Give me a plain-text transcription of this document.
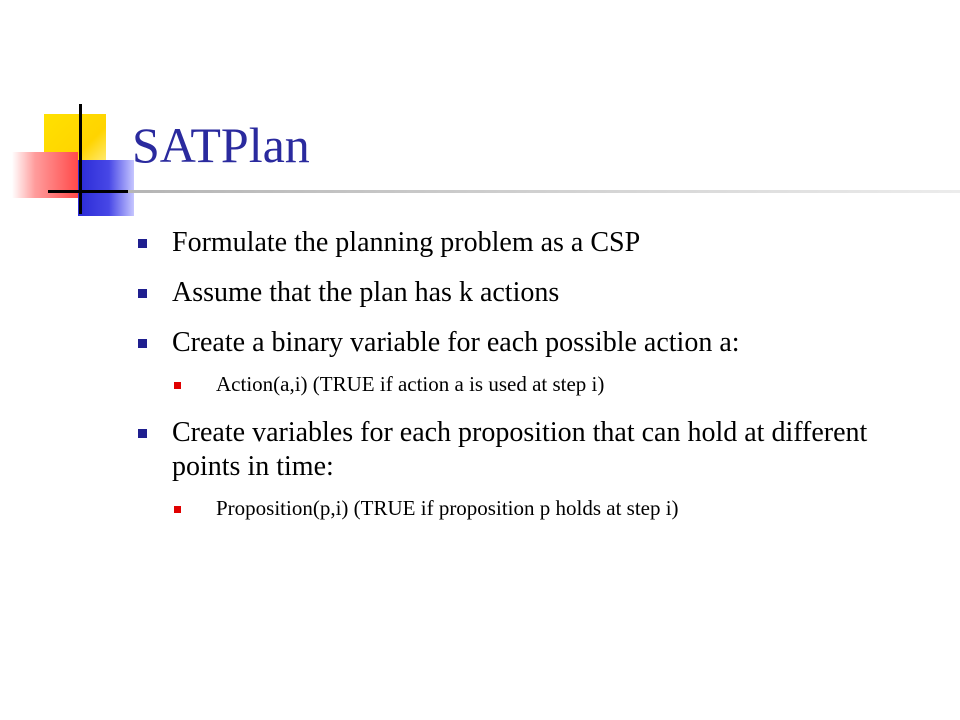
SATPlan
Formulate the planning problem as a CSP
Assume that the plan has k actions
Create a binary variable for each possible action a:
Action(a,i) (TRUE if action a is used at step i)
Create variables for each proposition that can hold at different points in time:
Proposition(p,i) (TRUE if proposition p holds at step i)
